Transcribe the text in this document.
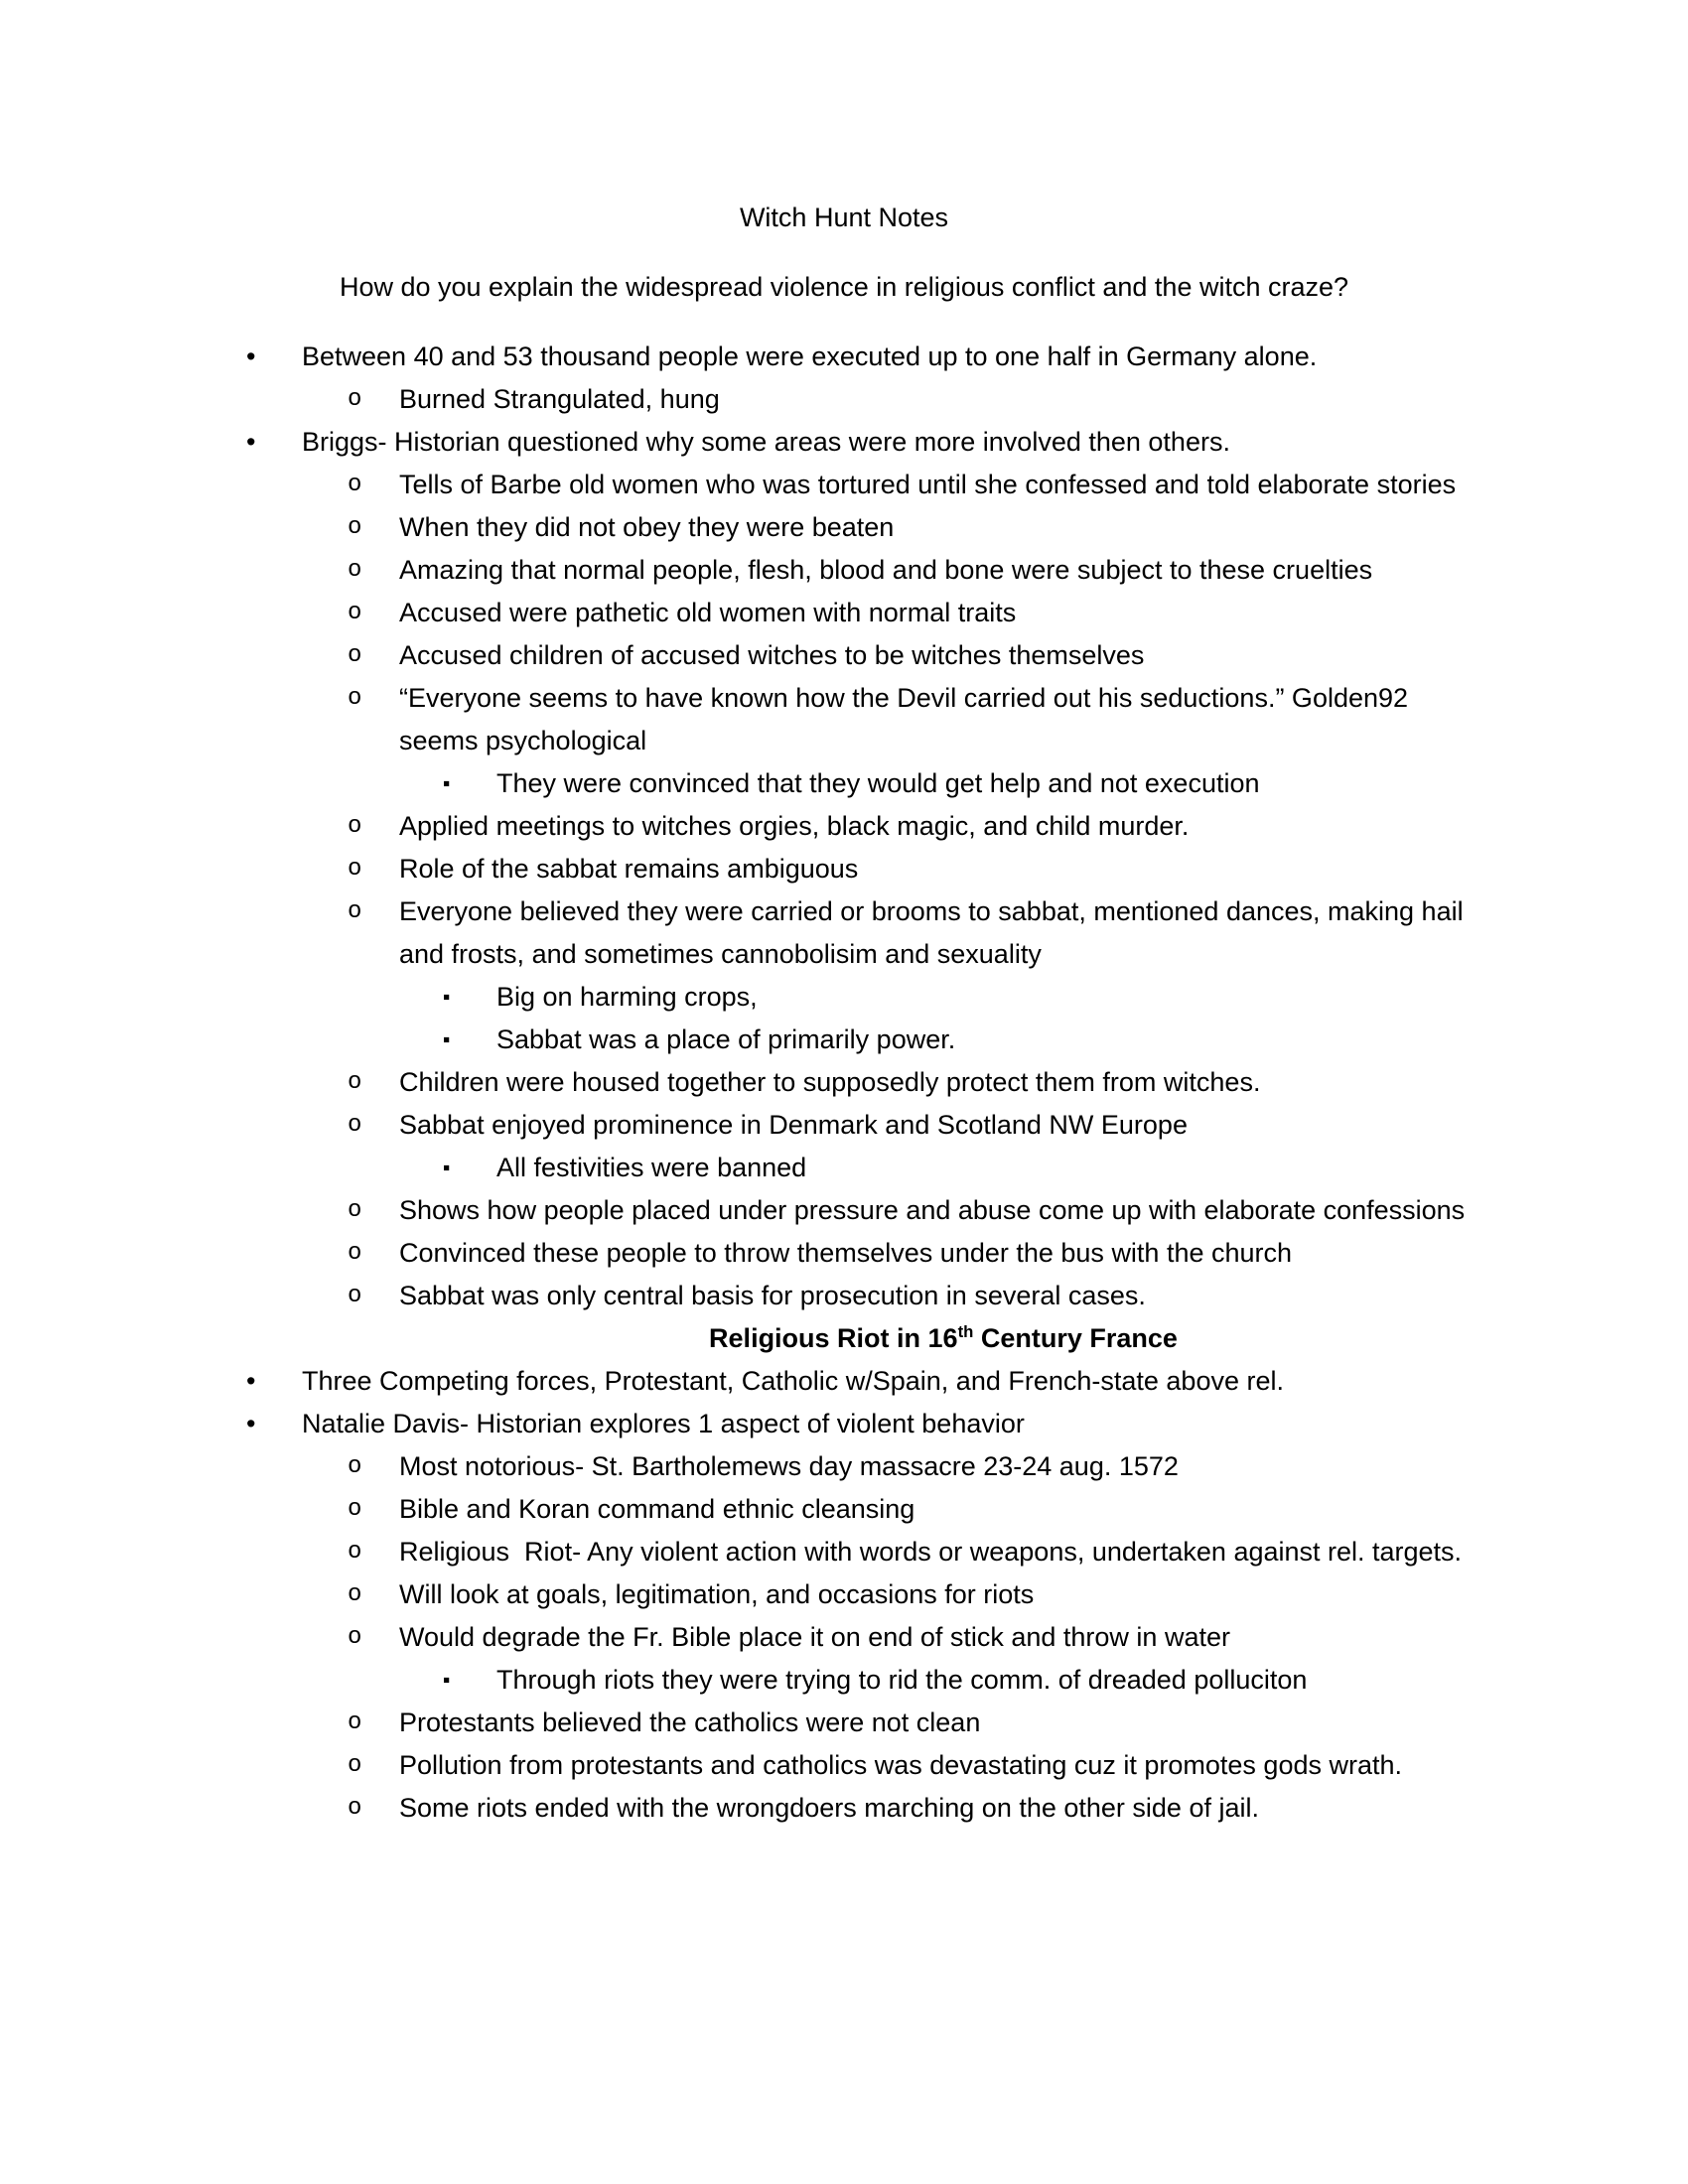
Witch Hunt Notes
How do you explain the widespread violence in religious conflict and the witch craze?
• Between 40 and 53 thousand people were executed up to one half in Germany alone.
o Burned Strangulated, hung
• Briggs- Historian questioned why some areas were more involved then others.
o Tells of Barbe old women who was tortured until she confessed and told elaborate stories
o When they did not obey they were beaten
o Amazing that normal people, flesh, blood and bone were subject to these cruelties
o Accused were pathetic old women with normal traits
o Accused children of accused witches to be witches themselves
o “Everyone seems to have known how the Devil carried out his seductions.” Golden92 seems psychological
▪ They were convinced that they would get help and not execution
o Applied meetings to witches orgies, black magic, and child murder.
o Role of the sabbat remains ambiguous
o Everyone believed they were carried or brooms to sabbat, mentioned dances, making hail and frosts, and sometimes cannobolisim and sexuality
▪ Big on harming crops,
▪ Sabbat was a place of primarily power.
o Children were housed together to supposedly protect them from witches.
o Sabbat enjoyed prominence in Denmark and Scotland NW Europe
▪ All festivities were banned
o Shows how people placed under pressure and abuse come up with elaborate confessions
o Convinced these people to throw themselves under the bus with the church
o Sabbat was only central basis for prosecution in several cases.
Religious Riot in 16th Century France
• Three Competing forces, Protestant, Catholic w/Spain, and French-state above rel.
• Natalie Davis- Historian explores 1 aspect of violent behavior
o Most notorious- St. Bartholemews day massacre 23-24 aug. 1572
o Bible and Koran command ethnic cleansing
o Religious  Riot- Any violent action with words or weapons, undertaken against rel. targets.
o Will look at goals, legitimation, and occasions for riots
o Would degrade the Fr. Bible place it on end of stick and throw in water
▪ Through riots they were trying to rid the comm. of dreaded polluciton
o Protestants believed the catholics were not clean
o Pollution from protestants and catholics was devastating cuz it promotes gods wrath.
o Some riots ended with the wrongdoers marching on the other side of jail.
